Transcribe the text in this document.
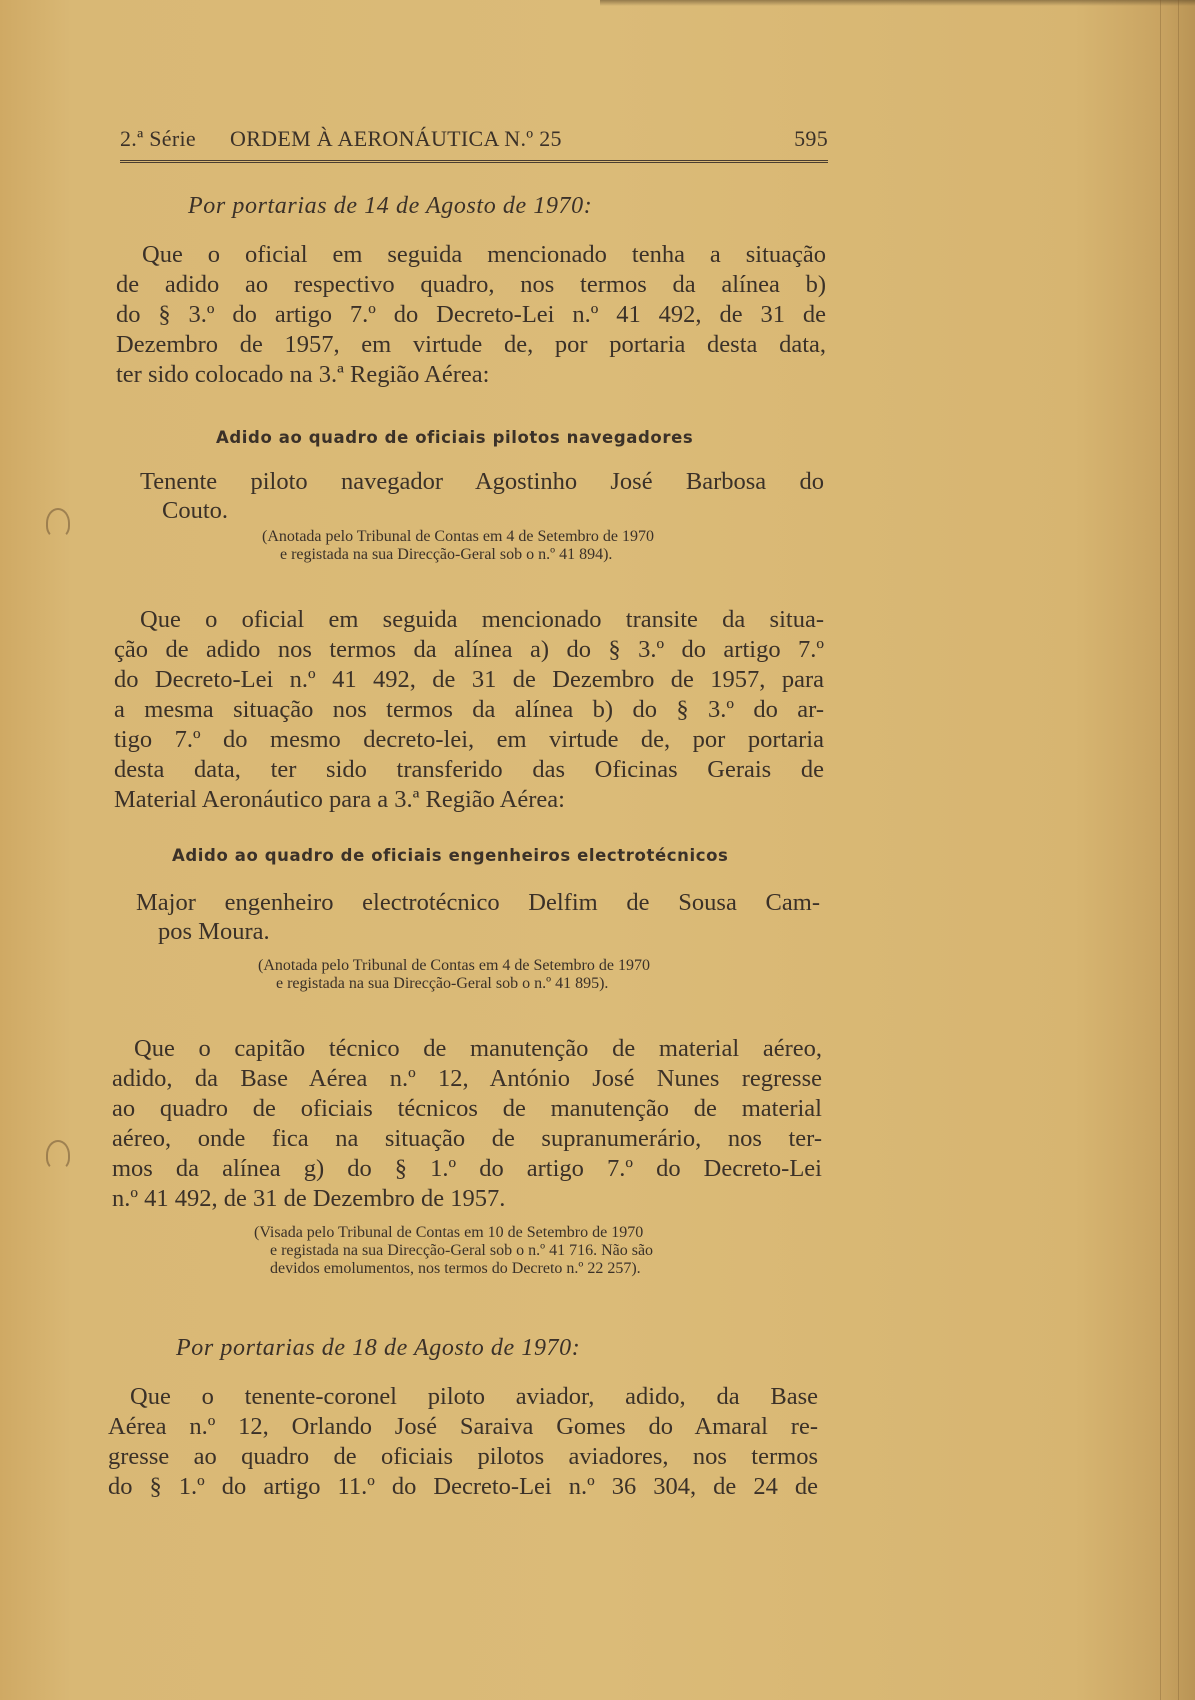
2.ª Série ORDEM À AERONÁUTICA N.º 25	595
Por portarias de 14 de Agosto de 1970:
Que o oficial em seguida mencionado tenha a situação
de adido ao respectivo quadro, nos termos da alínea b)
do § 3.º do artigo 7.º do Decreto-Lei n.º 41 492, de 31 de
Dezembro de 1957, em virtude de, por portaria desta data,
ter sido colocado na 3.ª Região Aérea:
Adido ao quadro de oficiais pilotos navegadores
Tenente piloto navegador Agostinho José Barbosa do
Couto.
(Anotada pelo Tribunal de Contas em 4 de Setembro de 1970
e registada na sua Direcção-Geral sob o n.º 41 894).
Que o oficial em seguida mencionado transite da situa-
ção de adido nos termos da alínea a) do § 3.º do artigo 7.º
do Decreto-Lei n.º 41 492, de 31 de Dezembro de 1957, para
a mesma situação nos termos da alínea b) do § 3.º do ar-
tigo 7.º do mesmo decreto-lei, em virtude de, por portaria
desta data, ter sido transferido das Oficinas Gerais de
Material Aeronáutico para a 3.ª Região Aérea:
Adido ao quadro de oficiais engenheiros electrotécnicos
Major engenheiro electrotécnico Delfim de Sousa Cam-
pos Moura.
(Anotada pelo Tribunal de Contas em 4 de Setembro de 1970
e registada na sua Direcção-Geral sob o n.º 41 895).
Que o capitão técnico de manutenção de material aéreo,
adido, da Base Aérea n.º 12, António José Nunes regresse
ao quadro de oficiais técnicos de manutenção de material
aéreo, onde fica na situação de supranumerário, nos ter-
mos da alínea g) do § 1.º do artigo 7.º do Decreto-Lei
n.º 41 492, de 31 de Dezembro de 1957.
(Visada pelo Tribunal de Contas em 10 de Setembro de 1970
e registada na sua Direcção-Geral sob o n.º 41 716. Não são
devidos emolumentos, nos termos do Decreto n.º 22 257).
Por portarias de 18 de Agosto de 1970:
Que o tenente-coronel piloto aviador, adido, da Base
Aérea n.º 12, Orlando José Saraiva Gomes do Amaral re-
gresse ao quadro de oficiais pilotos aviadores, nos termos
do § 1.º do artigo 11.º do Decreto-Lei n.º 36 304, de 24 de
